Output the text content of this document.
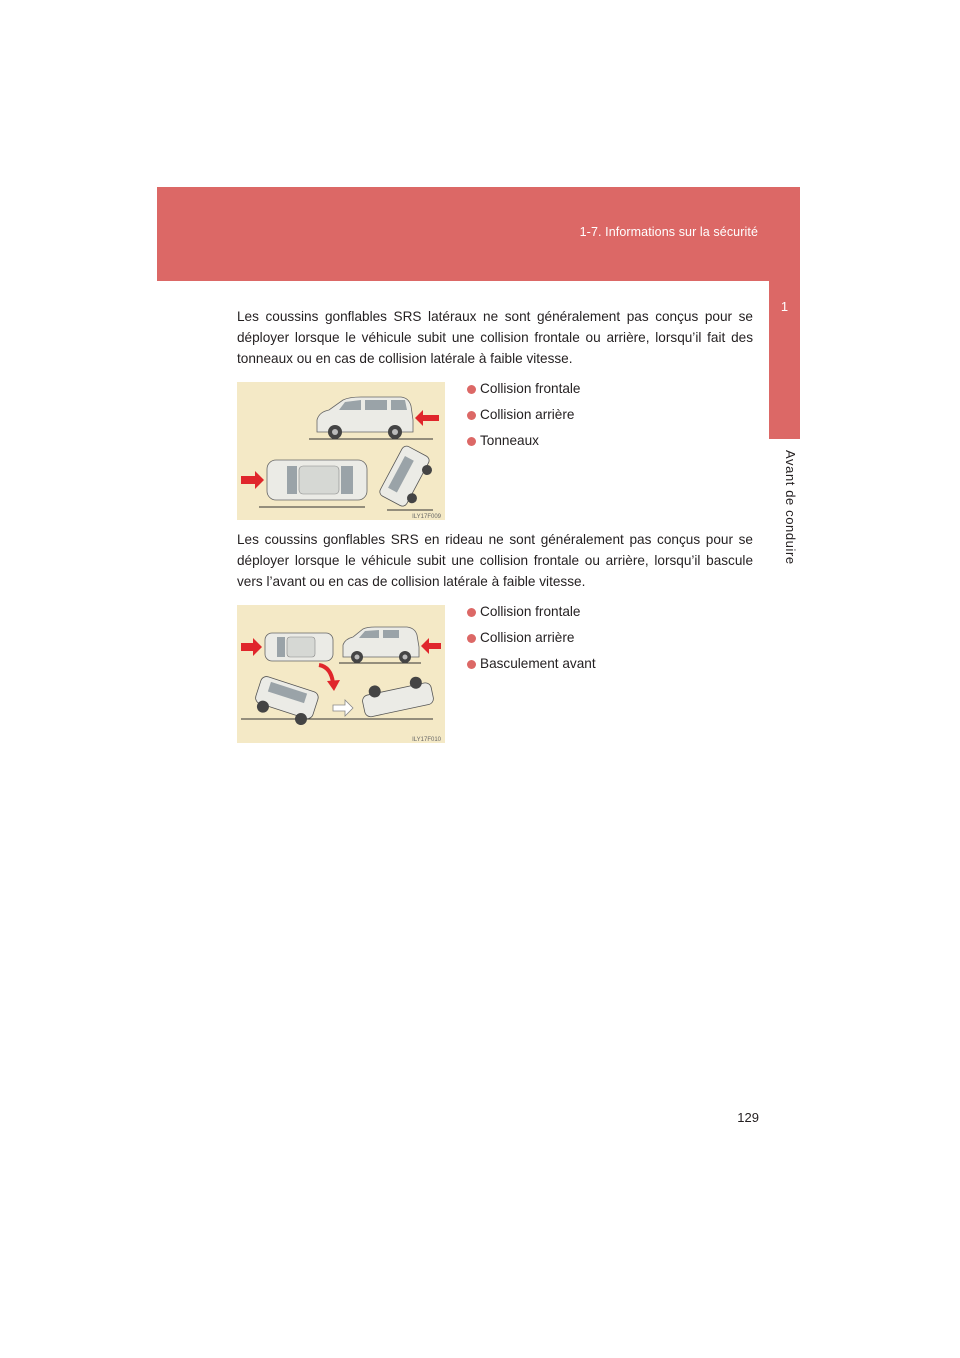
1-7. Informations sur la sécurité
1
Avant de conduire

Les coussins gonflables SRS latéraux ne sont généralement pas conçus pour se déployer lorsque le véhicule subit une collision frontale ou arrière, lorsqu’il fait des tonneaux ou en cas de collision latérale à faible vitesse.

ILY17F009
Collision frontale
Collision arrière
Tonneaux

Les coussins gonflables SRS en rideau ne sont généralement pas conçus pour se déployer lorsque le véhicule subit une collision frontale ou arrière, lorsqu’il bascule vers l’avant ou en cas de collision latérale à faible vitesse.

ILY17F010
Collision frontale
Collision arrière
Basculement avant
129
